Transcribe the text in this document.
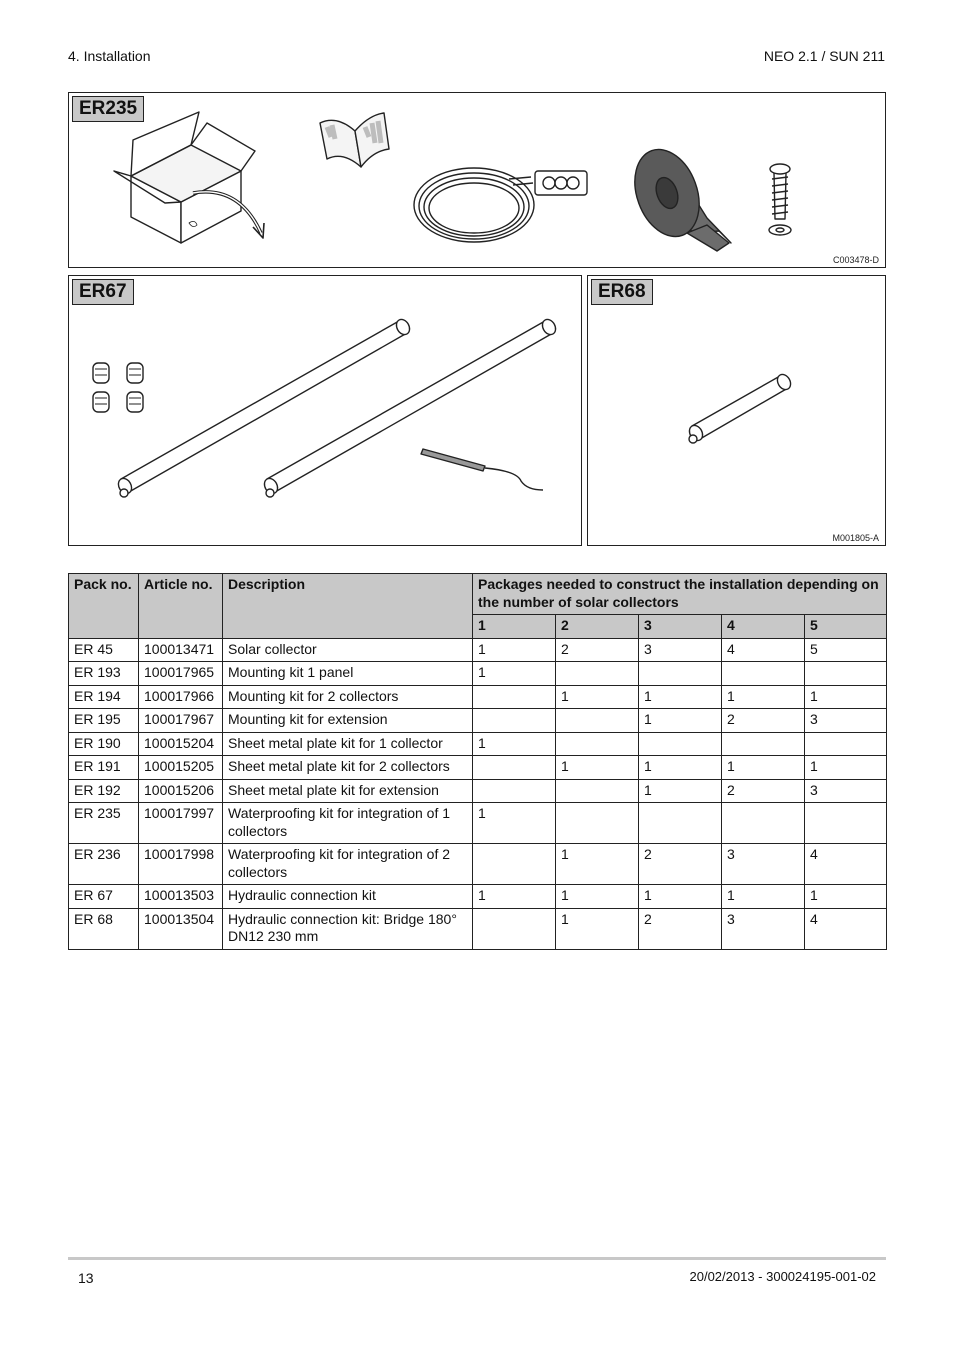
4. Installation	NEO 2.1 / SUN 211
ER235
C003478-D
ER67	ER68
M001805-A
Pack no.	Article no.	Description	Packages needed to construct the installation depending on the number of solar collectors				
			1	2	3	4	5
ER 45	100013471	Solar collector	1	2	3	4	5
ER 193	100017965	Mounting kit 1 panel	1				
ER 194	100017966	Mounting kit for 2 collectors		1	1	1	1
ER 195	100017967	Mounting kit for extension			1	2	3
ER 190	100015204	Sheet metal plate kit for 1 collector	1				
ER 191	100015205	Sheet metal plate kit for 2 collectors		1	1	1	1
ER 192	100015206	Sheet metal plate kit for extension			1	2	3
ER 235	100017997	Waterproofing kit for integration of 1 collectors	1				
ER 236	100017998	Waterproofing kit for integration of 2 collectors		1	2	3	4
ER 67	100013503	Hydraulic connection kit	1	1	1	1	1
ER 68	100013504	Hydraulic connection kit: Bridge 180° DN12 230 mm		1	2	3	4
13	20/02/2013 - 300024195-001-02
